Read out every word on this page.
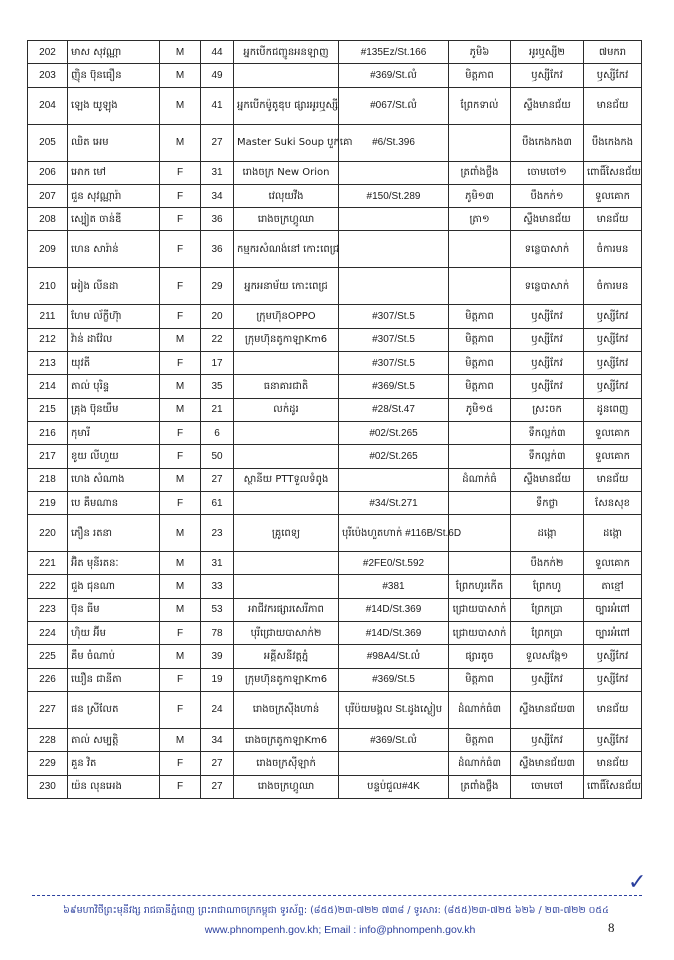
202	មាស សុវណ្ណា	M	44	អ្នកបើកជញ្ជូនអនឡាញ	#135Ez/St.166	ភូមិ៦	អូរឬស្សី២	៧មករា
203	ញ៉ិន ប៊ុនធឿន	M	49		#369/St.លំ	មិត្តភាព	ឫស្សីកែវ	ឫស្សីកែវ
204	ឡេង យូឡុង	M	41	អ្នកបើកម៉ូតូឌុប ផ្សារអូរឬស្សី	#067/St.លំ	ព្រែកទាល់	ស្ទឹងមានជ័យ	មានជ័យ
205	ឈិត អេម	M	27	Master Suki Soup បួកគោ	#6/St.396		បឹងកេងកង៣	បឹងកេងកង
206	អោក មៅ	F	31	រោងចក្រ New Orion		ត្រពាំងថ្លឹង	ចោមចៅ១	ពោធិ៍សែនជ័យ
207	ជួន សុវណ្ណារ៉ា	F	34	វេលុយវីង	#150/St.289	ភូមិ១៣	បឹងកក់១	ទួលគោក
208	ស្បៀត ចាន់ឌី	F	36	រោងចក្រហ្គូឈា		ត្រា១	ស្ទឹងមានជ័យ	មានជ័យ
209	ហេន សារ៉ាន់	F	36	កម្មករសំណង់នៅ កោះពេជ្រ			ទន្លេបាសាក់	ចំការមន
210	អៀង លីនដា	F	29	អ្នកអនាម័យ កោះពេជ្រ			ទន្លេបាសាក់	ចំការមន
211	ហែម ល័ក្ខីហ៊ុា	F	20	ក្រុមហ៊ុនOPPO	#307/St.5	មិត្តភាព	ឫស្សីកែវ	ឫស្សីកែវ
212	វ៉ាន់ ដាវ៉ែល	M	22	ក្រុមហ៊ុនតូកាឡាKm6	#307/St.5	មិត្តភាព	ឫស្សីកែវ	ឫស្សីកែវ
213	យុវតី	F	17		#307/St.5	មិត្តភាព	ឫស្សីកែវ	ឫស្សីកែវ
214	តាល់ បុរិន្ទ	M	35	ធនាគារជាតិ	#369/St.5	មិត្តភាព	ឫស្សីកែវ	ឫស្សីកែវ
215	គ្រុង ប៊ុនយឹម	M	21	លក់ដូរ	#28/St.47	ភូមិ១៥	ស្រះចក	ដូនពេញ
216	កុមារី	F	6		#02/St.265		ទឹកល្អក់៣	ទួលគោក
217	ខូយ លីហួយ	F	50		#02/St.265		ទឹកល្អក់៣	ទួលគោក
218	ហេង សំណាង	M	27	ស្ថានីយ PTTទួលទំពូង		ដំណាក់ធំ	ស្ទឹងមានជ័យ	មានជ័យ
219	បេ គឹមណាន	F	61		#34/St.271		ទឹកថ្លា	សែនសុខ
220	ភឿន រតនា	M	23	គ្រូពេទ្យ	បុរីប៉េងហួតហាក់ #116B/St.6D		ដង្កោ	ដង្កោ
221	អ៊ិត មុនីរតនៈ	M	31		#2FE0/St.592		បឹងកក់២	ទួលគោក
222	ជួង ជុនណា	M	33		#381	ព្រែកហូរកើត	ព្រែកហូ	តាខ្មៅ
223	ប៊ុន ធីម	M	53	អាជីវករផ្សារសេរីភាព	#14D/St.369	ជ្រោយបាសាក់	ព្រែកប្រា	ច្បារអំពៅ
224	ហ៊ិយ អ៊ីម	F	78	បុរីជ្រោយបាសាក់២	#14D/St.369	ជ្រោយបាសាក់	ព្រែកប្រា	ច្បារអំពៅ
225	គឹម ចំណាប់	M	39	អគ្គីសនីវត្តភ្នំ	#98A4/St.លំ	ផ្សារតូច	ទួលសង្កែ១	ឫស្សីកែវ
226	ឃឿន ជានីតា	F	19	ក្រុមហ៊ុនតូកាឡាKm6	#369/St.5	មិត្តភាព	ឫស្សីកែវ	ឫស្សីកែវ
227	ផន ស្រីលែត	F	24	រោងចក្រស៊ីងហាន់	បុរីប៉យមង្គល St.ដូងស្ងៀប	ដំណាក់ធំ៣	ស្ទឹងមានជ័យ៣	មានជ័យ
228	តាល់ សម្បត្តិ	M	34	រោងចក្រតូកាឡាKm6	#369/St.លំ	មិត្តភាព	ឫស្សីកែវ	ឫស្សីកែវ
229	គួន វិត	F	27	រោងចក្រស៊ីឡាក់		ដំណាក់ធំ៣	ស្ទឹងមានជ័យ៣	មានជ័យ
230	យ៉ន លុនអេង	F	27	រោងចក្រហ្គូឈា	បន្ទប់ជួល#4K	ត្រពាំងថ្លឹង	ចោមចៅ	ពោធិ៍សែនជ័យ
✓
៦៩មហាវិថីព្រះមុនីវង្ស រាជធានីភ្នំពេញ ព្រះរាជាណាចក្រកម្ពុជា ទូរស័ព្ទ: (៨៥៥)២៣-៧២២ ៧៣៨ / ទូរសារ: (៨៥៥)២៣-៧២៥ ៦២៦ / ២៣-៧២២ ០៥៤
www.phnompenh.gov.kh; Email : info@phnompenh.gov.kh	8
